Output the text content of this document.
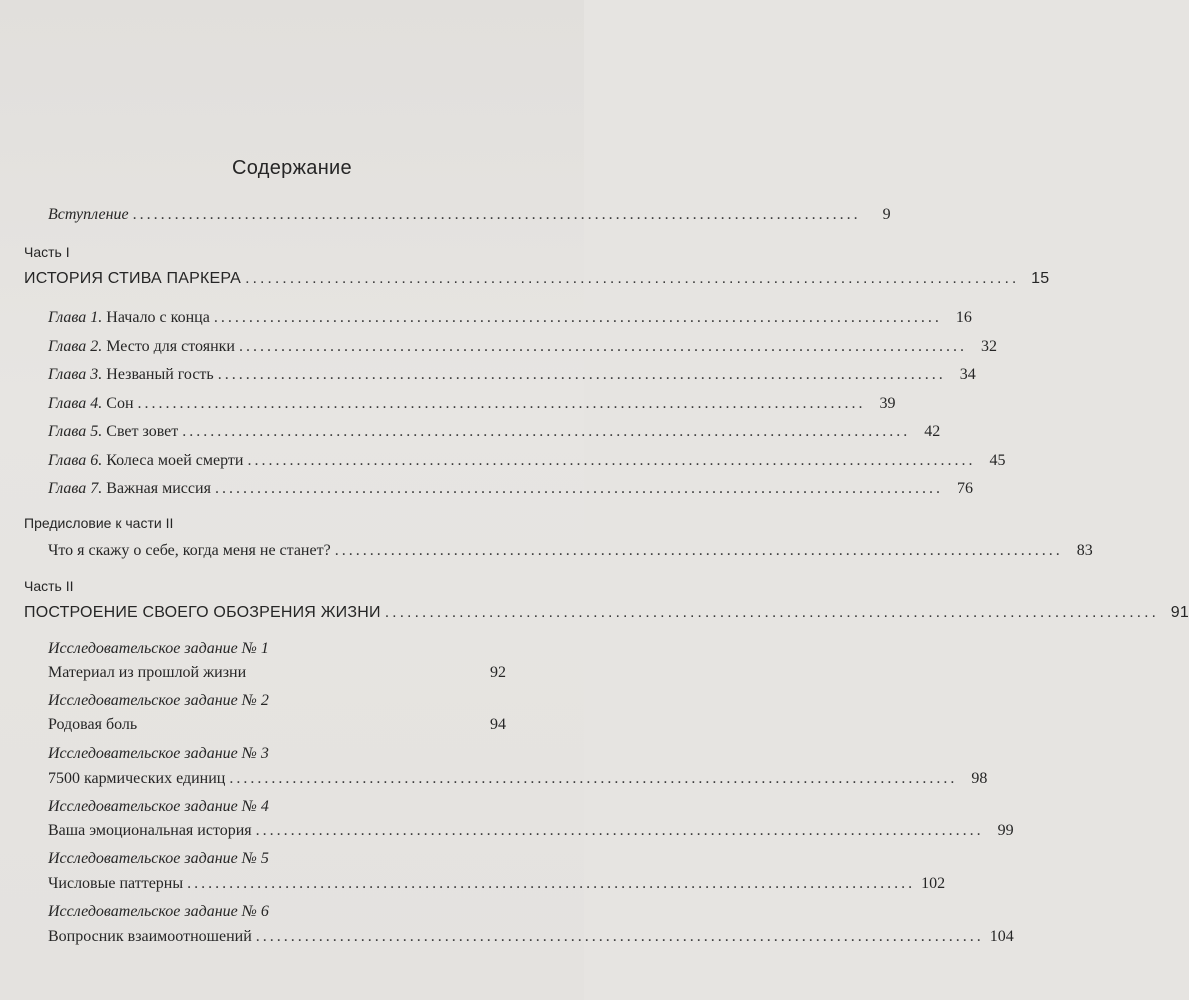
Содержание
Вступление ........................................................................................................	9
Часть I
ИСТОРИЯ СТИВА ПАРКЕРА ........................................................................................................ 15
Глава 1. Начало с конца ........................................................................................................ 16
Глава 2. Место для стоянки ........................................................................................................ 32
Глава 3. Незваный гость ........................................................................................................ 34
Глава 4. Сон ........................................................................................................ 39
Глава 5. Свет зовет ........................................................................................................ 42
Глава 6. Колеса моей смерти ........................................................................................................ 45
Глава 7. Важная миссия ........................................................................................................ 76
Предисловие к части II
Что я скажу о себе, когда меня не станет? ........................................................................................................ 83
Часть II
ПОСТРОЕНИЕ СВОЕГО ОБОЗРЕНИЯ ЖИЗНИ ........................................................................................................ 91
Исследовательское задание № 1
Материал из прошлой жизни	92
Исследовательское задание № 2
Родовая боль	94
Исследовательское задание № 3
7500 кармических единиц ........................................................................................................ 98
Исследовательское задание № 4
Ваша эмоциональная история ........................................................................................................ 99
Исследовательское задание № 5
Числовые паттерны ........................................................................................................ 102
Исследовательское задание № 6
Вопросник взаимоотношений ........................................................................................................ 104
